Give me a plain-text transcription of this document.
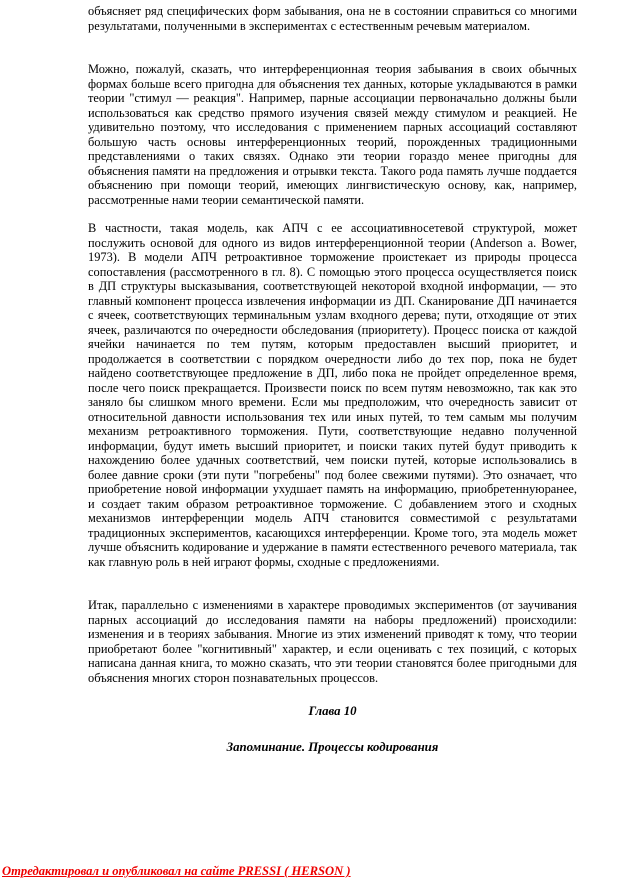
объясняет ряд специфических форм забывания, она не в состоянии справиться со многими результатами, полученными в экспериментах с естественным речевым материалом.

Можно, пожалуй, сказать, что интерференционная теория забывания в своих обычных формах больше всего пригодна для объяснения тех данных, которые укладываются в рамки теории "стимул — реакция". Например, парные ассоциации первоначально должны были использоваться как средство прямого изучения связей между стимулом и реакцией. Не удивительно поэтому, что исследования с применением парных ассоциаций составляют большую часть основы интерференционных теорий, порожденных традиционными представлениями о таких связях. Однако эти теории гораздо менее пригодны для объяснения памяти на предложения и отрывки текста. Такого рода память лучше поддается объяснению при помощи теорий, имеющих лингвистическую основу, как, например, рассмотренные нами теории семантической памяти.

В частности, такая модель, как АПЧ с ее ассоциативносетевой структурой, может послужить основой для одного из видов интерференционной теории (Anderson a. Bower, 1973). В модели АПЧ ретроактивное торможение проистекает из природы процесса сопоставления (рассмотренного в гл. 8). С помощью этого процесса осуществляется поиск в ДП структуры высказывания, соответствующей некоторой входной информации, — это главный компонент процесса извлечения информации из ДП. Сканирование ДП начинается с ячеек, соответствующих терминальным узлам входного дерева; пути, отходящие от этих ячеек, различаются по очередности обследования (приоритету). Процесс поиска от каждой ячейки начинается по тем путям, которым предоставлен высший приоритет, и продолжается в соответствии с порядком очередности либо до тех пор, пока не будет найдено соответствующее предложение в ДП, либо пока не пройдет определенное время, после чего поиск прекращается. Произвести поиск по всем путям невозможно, так как это заняло бы слишком много времени. Если мы предположим, что очередность зависит от относительной давности использования тех или иных путей, то тем самым мы получим механизм ретроактивного торможения. Пути, соответствующие недавно полученной информации, будут иметь высший приоритет, и поиски таких путей будут приводить к нахождению более удачных соответствий, чем поиски путей, которые использовались в более давние сроки (эти пути "погребены" под более свежими путями). Это означает, что приобретение новой информации ухудшает память на информацию, приобретеннуюранее, и создает таким образом ретроактивное торможение. С добавлением этого и сходных механизмов интерференции модель АПЧ становится совместимой с результатами традиционных экспериментов, касающихся интерференции. Кроме того, эта модель может лучше объяснить кодирование и удержание в памяти естественного речевого материала, так как главную роль в ней играют формы, сходные с предложениями.

Итак, параллельно с изменениями в характере проводимых экспериментов (от заучивания парных ассоциаций до исследования памяти на наборы предложений) происходили: изменения и в теориях забывания. Многие из этих изменений приводят к тому, что теории приобретают более "когнитивный" характер, и если оценивать с тех позиций, с которых написана данная книга, то можно сказать, что эти теории становятся более пригодными для объяснения многих сторон познавательных процессов.

Глава 10

Запоминание. Процессы кодирования

Отредактировал и опубликовал на сайте PRESSI ( HERSON )
